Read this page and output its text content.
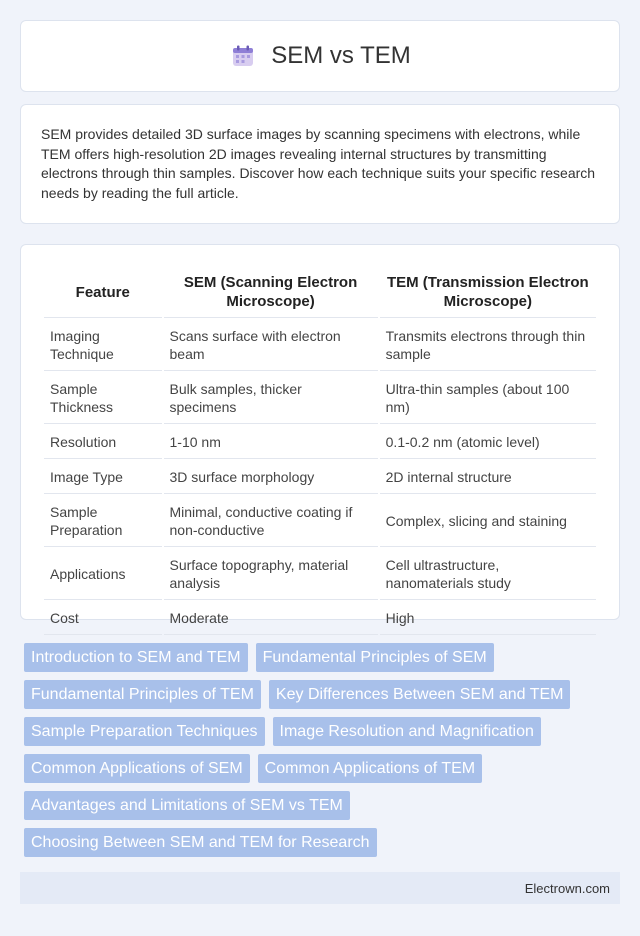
SEM vs TEM

SEM provides detailed 3D surface images by scanning specimens with electrons, while TEM offers high-resolution 2D images revealing internal structures by transmitting electrons through thin samples. Discover how each technique suits your specific research needs by reading the full article.

Feature	SEM (Scanning Electron Microscope)	TEM (Transmission Electron Microscope)
Imaging Technique	Scans surface with electron beam	Transmits electrons through thin sample
Sample Thickness	Bulk samples, thicker specimens	Ultra-thin samples (about 100 nm)
Resolution	1-10 nm	0.1-0.2 nm (atomic level)
Image Type	3D surface morphology	2D internal structure
Sample Preparation	Minimal, conductive coating if non-conductive	Complex, slicing and staining
Applications	Surface topography, material analysis	Cell ultrastructure, nanomaterials study
Cost	Moderate	High
Introduction to SEM and TEM	Fundamental Principles of SEM
Fundamental Principles of TEM	Key Differences Between SEM and TEM
Sample Preparation Techniques	Image Resolution and Magnification
Common Applications of SEM	Common Applications of TEM
Advantages and Limitations of SEM vs TEM
Choosing Between SEM and TEM for Research
Electrown.com
